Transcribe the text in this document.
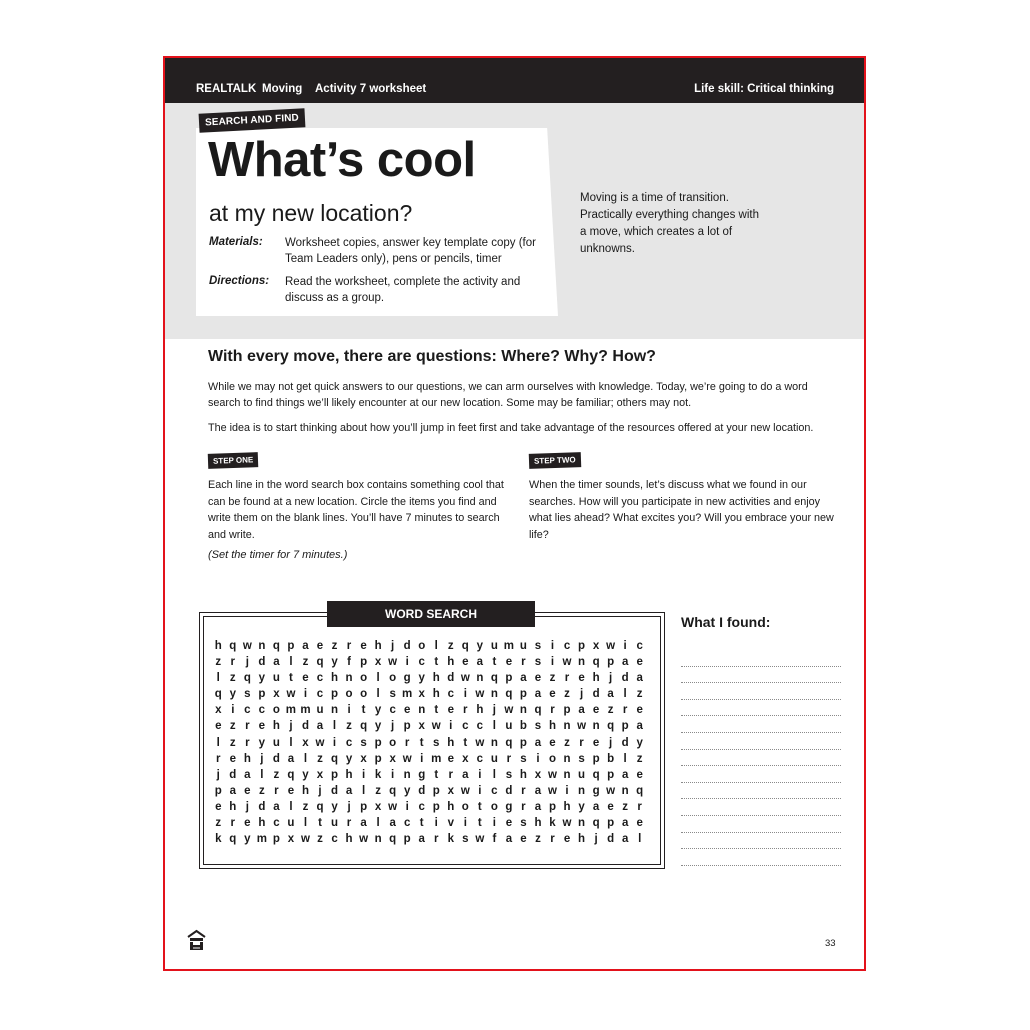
REALTALK Moving Activity 7 worksheet	Life skill: Critical thinking
SEARCH AND FIND
What’s cool
at my new location?
Materials: Worksheet copies, answer key template copy (for Team Leaders only), pens or pencils, timer
Directions: Read the worksheet, complete the activity and discuss as a group.
Moving is a time of transition. Practically everything changes with a move, which creates a lot of unknowns.
With every move, there are questions: Where? Why? How?
While we may not get quick answers to our questions, we can arm ourselves with knowledge. Today, we’re going to do a word search to find things we’ll likely encounter at our new location. Some may be familiar; others may not.
The idea is to start thinking about how you’ll jump in feet first and take advantage of the resources offered at your new location.
STEP ONE
Each line in the word search box contains something cool that can be found at a new location. Circle the items you find and write them on the blank lines. You’ll have 7 minutes to search and write.
(Set the timer for 7 minutes.)
STEP TWO
When the timer sounds, let’s discuss what we found in our searches. How will you participate in new activities and enjoy what lies ahead? What excites you? Will you embrace your new life?
WORD SEARCH
h q w n q p a e z r e h j d o l z q y u m u s i c p x w i c
z r j d a l z q y f p x w i c t h e a t e r s i w n q p a e
l z q y u t e c h n o l o g y h d w n q p a e z r e h j d a
q y s p x w i c p o o l s m x h c i w n q p a e z j d a l z
x i c c o m m u n i t y c e n t e r h j w n q r p a e z r e
e z r e h j d a l z q y j p x w i c c l u b s h n w n q p a
l z r y u l x w i c s p o r t s h t w n q p a e z r e j d y
r e h j d a l z q y x p x w i m e x c u r s i o n s p b l z
j d a l z q y x p h i k i n g t r a i l s h x w n u q p a e
p a e z r e h j d a l z q y d p x w i c d r a w i n g w n q
e h j d a l z q y j p x w i c p h o t o g r a p h y a e z r
z r e h c u l t u r a l a c t i v i t i e s h k w n q p a e
k q y m p x w z c h w n q p a r k s w f a e z r e h j d a l
What I found:
33
